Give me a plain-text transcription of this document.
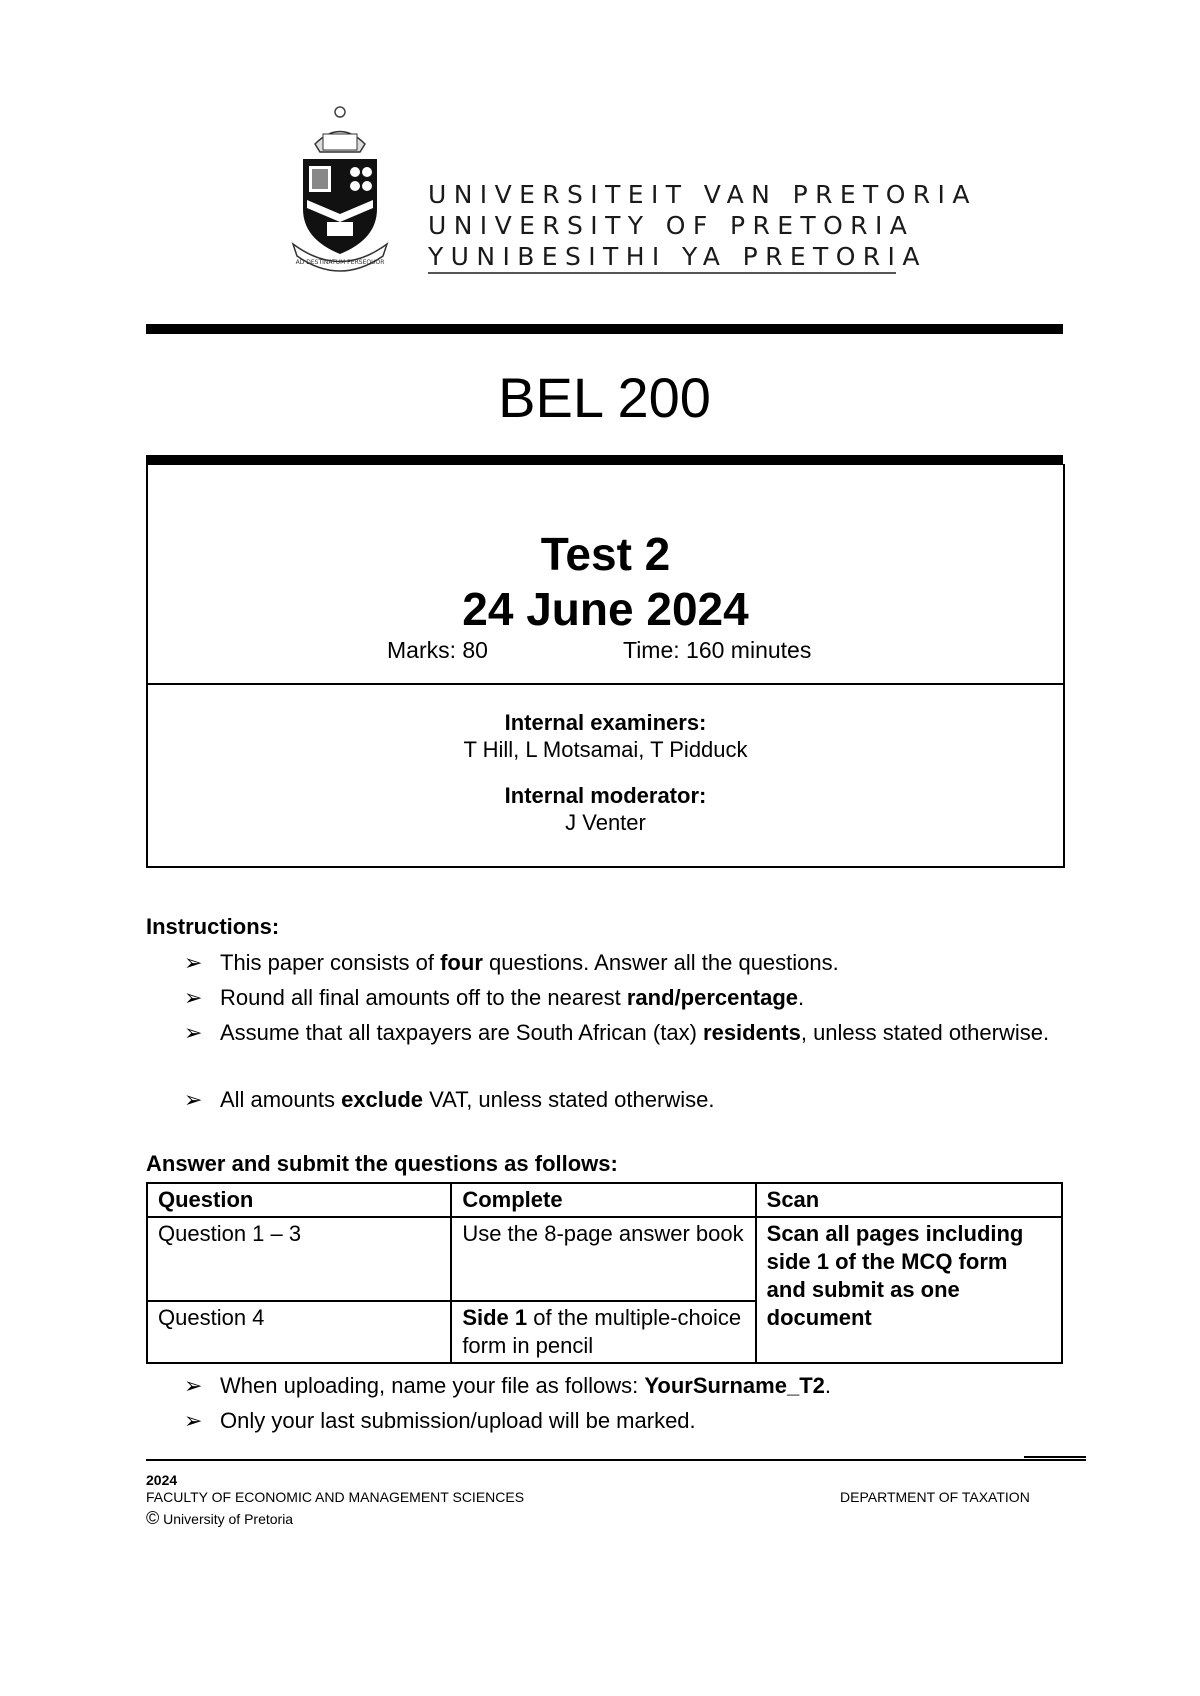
AD DESTINATUM PERSEQUOR
UNIVERSITEIT VAN PRETORIA
UNIVERSITY OF PRETORIA
YUNIBESITHI YA PRETORIA
BEL 200
Test 2
24 June 2024
Marks: 80	Time: 160 minutes
Internal examiners:
T Hill, L Motsamai, T Pidduck
Internal moderator:
J Venter
Instructions:
➢ This paper consists of four questions. Answer all the questions.
➢ Round all final amounts off to the nearest rand/percentage.
➢ Assume that all taxpayers are South African (tax) residents, unless stated otherwise.
➢ All amounts exclude VAT, unless stated otherwise.
Answer and submit the questions as follows:
Question	Complete	Scan
Question 1 – 3	Use the 8-page answer book	Scan all pages including side 1 of the MCQ form and submit as one document
Question 4	Side 1 of the multiple-choice form in pencil	
➢ When uploading, name your file as follows: YourSurname_T2.
➢ Only your last submission/upload will be marked.
2024
FACULTY OF ECONOMIC AND MANAGEMENT SCIENCES	DEPARTMENT OF TAXATION
© University of Pretoria
